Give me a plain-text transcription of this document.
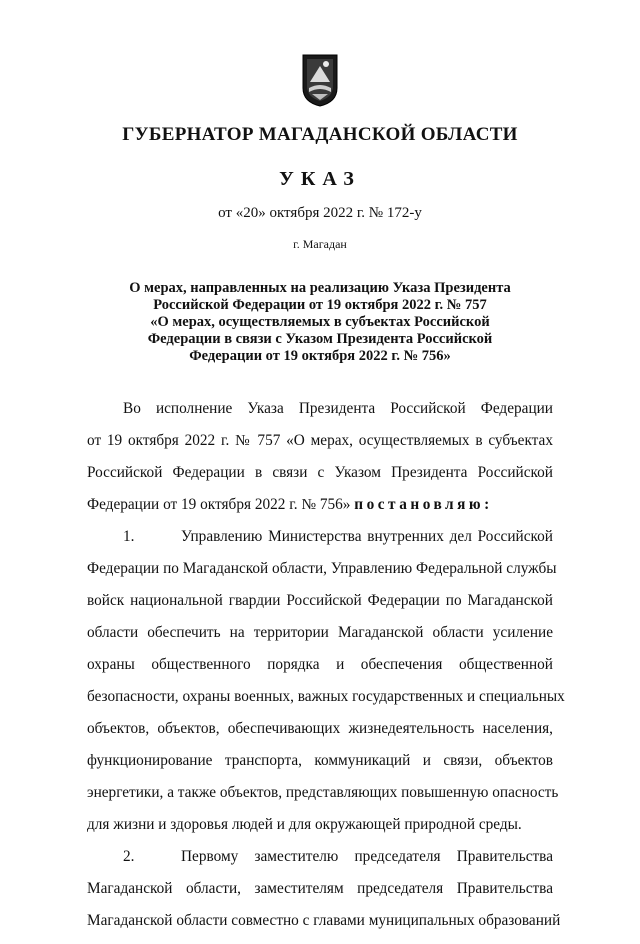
ГУБЕРНАТОР МАГАДАНСКОЙ ОБЛАСТИ
УКАЗ
от «20» октября 2022 г. № 172-у
г. Магадан
О мерах, направленных на реализацию Указа Президента
Российской Федерации от 19 октября 2022 г. № 757
«О мерах, осуществляемых в субъектах Российской
Федерации в связи с Указом Президента Российской
Федерации от 19 октября 2022 г. № 756»
Во исполнение Указа Президента Российской Федерации
от 19 октября 2022 г. № 757 «О мерах, осуществляемых в субъектах
Российской Федерации в связи с Указом Президента Российской
Федерации от 19 октября 2022 г. № 756» постановляю:
1.	Управлению Министерства внутренних дел Российской
Федерации по Магаданской области, Управлению Федеральной службы
войск национальной гвардии Российской Федерации по Магаданской
области обеспечить на территории Магаданской области усиление
охраны общественного порядка и обеспечения общественной
безопасности, охраны военных, важных государственных и специальных
объектов, объектов, обеспечивающих жизнедеятельность населения,
функционирование транспорта, коммуникаций и связи, объектов
энергетики, а также объектов, представляющих повышенную опасность
для жизни и здоровья людей и для окружающей природной среды.
2.	Первому заместителю председателя Правительства
Магаданской области, заместителям председателя Правительства
Магаданской области совместно с главами муниципальных образований
